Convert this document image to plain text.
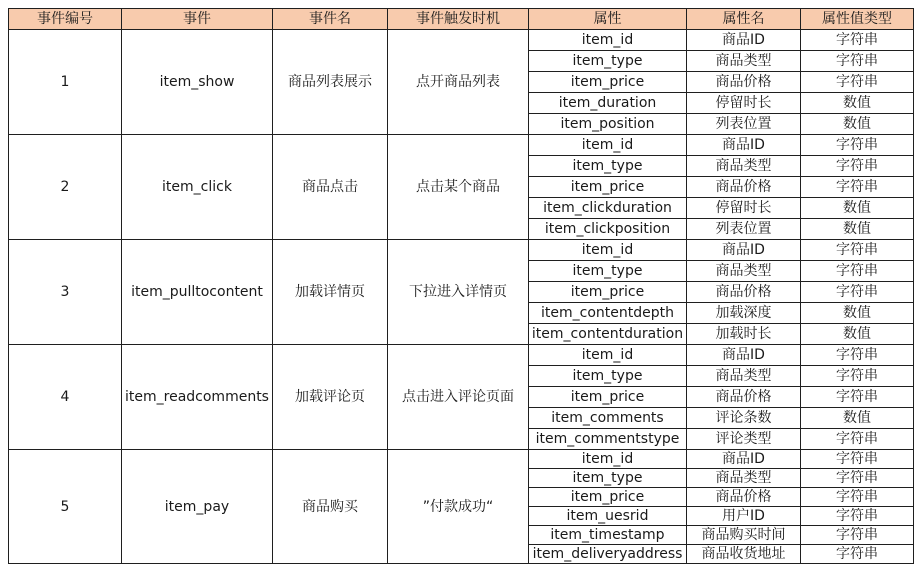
事件编号	事件	事件名	事件触发时机	属性	属性名	属性值类型
1	item_show	商品列表展示	点开商品列表	item_id	商品ID	字符串
				item_type	商品类型	字符串
				item_price	商品价格	字符串
				item_duration	停留时长	数值
				item_position	列表位置	数值
2	item_click	商品点击	点击某个商品	item_id	商品ID	字符串
				item_type	商品类型	字符串
				item_price	商品价格	字符串
				item_clickduration	停留时长	数值
				item_clickposition	列表位置	数值
3	item_pulltocontent	加载详情页	下拉进入详情页	item_id	商品ID	字符串
				item_type	商品类型	字符串
				item_price	商品价格	字符串
				item_contentdepth	加载深度	数值
				item_contentduration	加载时长	数值
4	item_readcomments	加载评论页	点击进入评论页面	item_id	商品ID	字符串
				item_type	商品类型	字符串
				item_price	商品价格	字符串
				item_comments	评论条数	数值
				item_commentstype	评论类型	字符串
5	item_pay	商品购买	”付款成功“	item_id	商品ID	字符串
				item_type	商品类型	字符串
				item_price	商品价格	字符串
				item_uesrid	用户ID	字符串
				item_timestamp	商品购买时间	字符串
				item_deliveryaddress	商品收货地址	字符串
